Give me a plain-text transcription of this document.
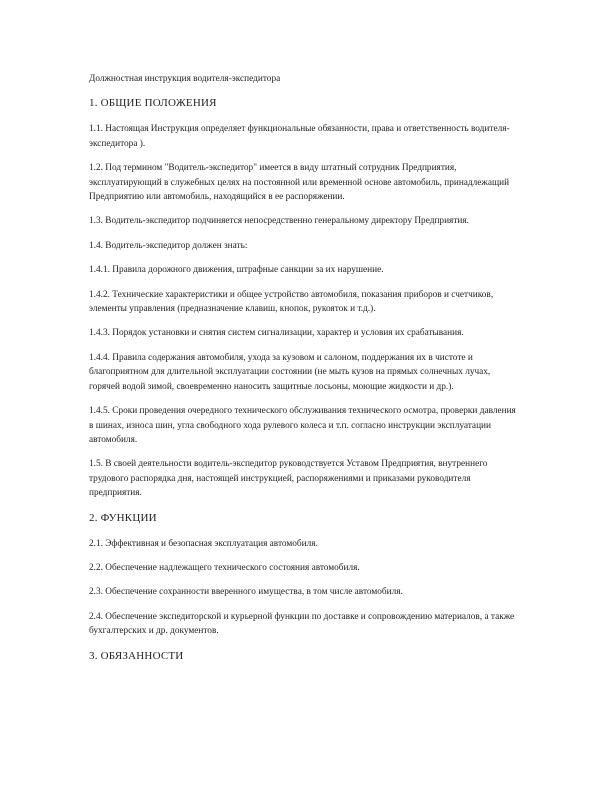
Должностная инструкция водителя-экспедитора

1. ОБЩИЕ ПОЛОЖЕНИЯ

1.1. Настоящая Инструкция определяет функциональные обязанности, права и ответственность водителя-экспедитора ).

1.2. Под термином "Водитель-экспедитор" имеется в виду штатный сотрудник Предприятия, эксплуатирующий в служебных целях на постоянной или временной основе автомобиль, принадлежащий Предприятию или автомобиль, находящийся в ее распоряжении.

1.3. Водитель-экспедитор подчиняется непосредственно генеральному директору Предприятия.

1.4. Водитель-экспедитор должен знать:

1.4.1. Правила дорожного движения, штрафные санкции за их нарушение.

1.4.2. Технические характеристики и общее устройство автомобиля, показания приборов и счетчиков, элементы управления (предназначение клавиш, кнопок, рукояток и т.д.).

1.4.3. Порядок установки и снятия систем сигнализации, характер и условия их срабатывания.

1.4.4. Правила содержания автомобиля, ухода за кузовом и салоном, поддержания их в чистоте и благоприятном для длительной эксплуатации состоянии (не мыть кузов на прямых солнечных лучах, горячей водой зимой, своевременно наносить защитные лосьоны, моющие жидкости и др.).

1.4.5. Сроки проведения очередного технического обслуживания технического осмотра, проверки давления в шинах, износа шин, угла свободного хода рулевого колеса и т.п. согласно инструкции эксплуатации автомобиля.

1.5. В своей деятельности водитель-экспедитор руководствуется Уставом Предприятия, внутреннего трудового распорядка дня, настоящей инструкцией, распоряжениями и приказами руководителя предприятия.

2. ФУНКЦИИ

2.1. Эффективная и безопасная эксплуатация автомобиля.

2.2. Обеспечение надлежащего технического состояния автомобиля.

2.3. Обеспечение сохранности вверенного имущества, в том числе автомобиля.

2.4. Обеспечение экспедиторской и курьерной функции по доставке и сопровождению материалов, а также бухгалтерских и др. документов.

3. ОБЯЗАННОСТИ
